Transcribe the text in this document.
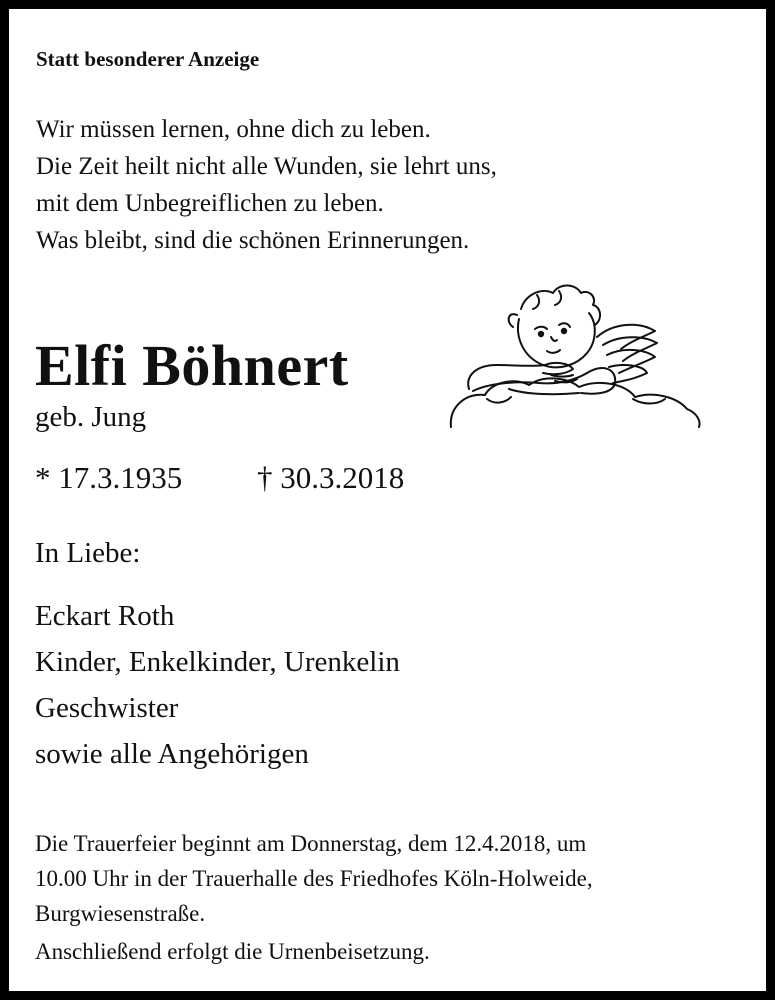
Statt besonderer Anzeige
Wir müssen lernen, ohne dich zu leben.
Die Zeit heilt nicht alle Wunden, sie lehrt uns,
mit dem Unbegreiflichen zu leben.
Was bleibt, sind die schönen Erinnerungen.
Elfi Böhnert
geb. Jung
* 17.3.1935 † 30.3.2018
In Liebe:
Eckart Roth
Kinder, Enkelkinder, Urenkelin
Geschwister
sowie alle Angehörigen
Die Trauerfeier beginnt am Donnerstag, dem 12.4.2018, um
10.00 Uhr in der Trauerhalle des Friedhofes Köln-Holweide,
Burgwiesenstraße.
Anschließend erfolgt die Urnenbeisetzung.
